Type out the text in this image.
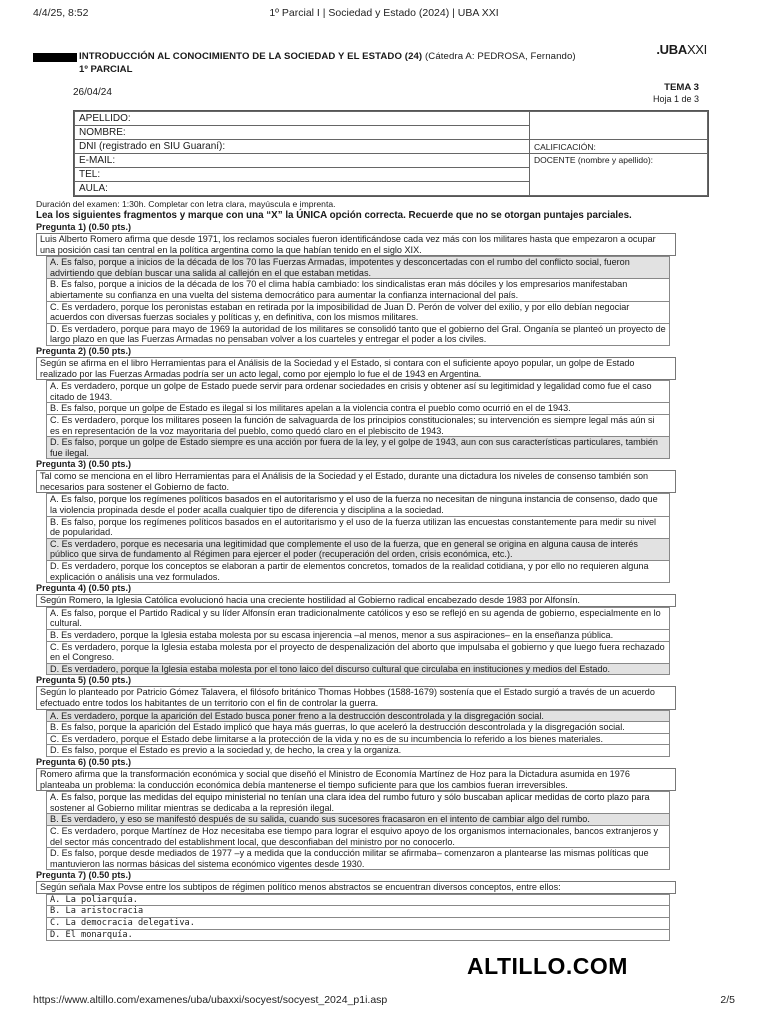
4/4/25, 8:52	1º Parcial I | Sociedad y Estado (2024) | UBA XXI
INTRODUCCIÓN AL CONOCIMIENTO DE LA SOCIEDAD Y EL ESTADO (24) (Cátedra A: PEDROSA, Fernando)
1º PARCIAL
.UBAXXI
26/04/24	TEMA 3
Hoja 1 de 3
APELLIDO:	
NOMBRE:	
DNI (registrado en SIU Guaraní):	CALIFICACIÓN:
E-MAIL:	DOCENTE (nombre y apellido):
TEL:	
AULA:	
Duración del examen: 1:30h. Completar con letra clara, mayúscula e imprenta.
Lea los siguientes fragmentos y marque con una “X” la ÚNICA opción correcta. Recuerde que no se otorgan puntajes parciales.
Pregunta 1) (0.50 pts.)
Luis Alberto Romero afirma que desde 1971, los reclamos sociales fueron identificándose cada vez más con los militares hasta que empezaron a ocupar una posición casi tan central en la política argentina como la que habían tenido en el siglo XIX.
A. Es falso, porque a inicios de la década de los 70 las Fuerzas Armadas, impotentes y desconcertadas con el rumbo del conflicto social, fueron advirtiendo que debían buscar una salida al callejón en el que estaban metidas.
B. Es falso, porque a inicios de la década de los 70 el clima había cambiado: los sindicalistas eran más dóciles y los empresarios manifestaban abiertamente su confianza en una vuelta del sistema democrático para aumentar la confianza internacional del país.
C. Es verdadero, porque los peronistas estaban en retirada por la imposibilidad de Juan D. Perón de volver del exilio, y por ello debían negociar acuerdos con diversas fuerzas sociales y políticas y, en definitiva, con los mismos militares.
D. Es verdadero, porque para mayo de 1969 la autoridad de los militares se consolidó tanto que el gobierno del Gral. Onganía se planteó un proyecto de largo plazo en que las Fuerzas Armadas no pensaban volver a los cuarteles y entregar el poder a los civiles.
Pregunta 2) (0.50 pts.)
Según se afirma en el libro Herramientas para el Análisis de la Sociedad y el Estado, si contara con el suficiente apoyo popular, un golpe de Estado realizado por las Fuerzas Armadas podría ser un acto legal, como por ejemplo lo fue el de 1943 en Argentina.
A. Es verdadero, porque un golpe de Estado puede servir para ordenar sociedades en crisis y obtener así su legitimidad y legalidad como fue el caso citado de 1943.
B. Es falso, porque un golpe de Estado es ilegal si los militares apelan a la violencia contra el pueblo como ocurrió en el de 1943.
C. Es verdadero, porque los militares poseen la función de salvaguarda de los principios constitucionales; su intervención es siempre legal más aún si es en representación de la voz mayoritaria del pueblo, como quedó claro en el plebiscito de 1943.
D. Es falso, porque un golpe de Estado siempre es una acción por fuera de la ley, y el golpe de 1943, aun con sus características particulares, también fue ilegal.
Pregunta 3) (0.50 pts.)
Tal como se menciona en el libro Herramientas para el Análisis de la Sociedad y el Estado, durante una dictadura los niveles de consenso también son necesarios para sostener el Gobierno de facto.
A. Es falso, porque los regímenes políticos basados en el autoritarismo y el uso de la fuerza no necesitan de ninguna instancia de consenso, dado que la violencia propinada desde el poder acalla cualquier tipo de diferencia y disciplina a la sociedad.
B. Es falso, porque los regímenes políticos basados en el autoritarismo y el uso de la fuerza utilizan las encuestas constantemente para medir su nivel de popularidad.
C. Es verdadero, porque es necesaria una legitimidad que complemente el uso de la fuerza, que en general se origina en alguna causa de interés público que sirva de fundamento al Régimen para ejercer el poder (recuperación del orden, crisis económica, etc.).
D. Es verdadero, porque los conceptos se elaboran a partir de elementos concretos, tomados de la realidad cotidiana, y por ello no requieren alguna explicación o análisis una vez formulados.
Pregunta 4) (0.50 pts.)
Según Romero, la Iglesia Católica evolucionó hacia una creciente hostilidad al Gobierno radical encabezado desde 1983 por Alfonsín.
A. Es falso, porque el Partido Radical y su líder Alfonsín eran tradicionalmente católicos y eso se reflejó en su agenda de gobierno, especialmente en lo cultural.
B. Es verdadero, porque la Iglesia estaba molesta por su escasa injerencia –al menos, menor a sus aspiraciones– en la enseñanza pública.
C. Es verdadero, porque la Iglesia estaba molesta por el proyecto de despenalización del aborto que impulsaba el gobierno y que luego fuera rechazado en el Congreso.
D. Es verdadero, porque la Iglesia estaba molesta por el tono laico del discurso cultural que circulaba en instituciones y medios del Estado.
Pregunta 5) (0.50 pts.)
Según lo planteado por Patricio Gómez Talavera, el filósofo británico Thomas Hobbes (1588-1679) sostenía que el Estado surgió a través de un acuerdo efectuado entre todos los habitantes de un territorio con el fin de controlar la guerra.
A. Es verdadero, porque la aparición del Estado busca poner freno a la destrucción descontrolada y la disgregación social.
B. Es falso, porque la aparición del Estado implicó que haya más guerras, lo que aceleró la destrucción descontrolada y la disgregación social.
C. Es verdadero, porque el Estado debe limitarse a la protección de la vida y no es de su incumbencia lo referido a los bienes materiales.
D. Es falso, porque el Estado es previo a la sociedad y, de hecho, la crea y la organiza.
Pregunta 6) (0.50 pts.)
Romero afirma que la transformación económica y social que diseñó el Ministro de Economía Martínez de Hoz para la Dictadura asumida en 1976 planteaba un problema: la conducción económica debía mantenerse el tiempo suficiente para que los cambios fueran irreversibles.
A. Es falso, porque las medidas del equipo ministerial no tenían una clara idea del rumbo futuro y sólo buscaban aplicar medidas de corto plazo para sostener al Gobierno militar mientras se dedicaba a la represión ilegal.
B. Es verdadero, y eso se manifestó después de su salida, cuando sus sucesores fracasaron en el intento de cambiar algo del rumbo.
C. Es verdadero, porque Martínez de Hoz necesitaba ese tiempo para lograr el esquivo apoyo de los organismos internacionales, bancos extranjeros y del sector más concentrado del establishment local, que desconfiaban del ministro por no conocerlo.
D. Es falso, porque desde mediados de 1977 –y a medida que la conducción militar se afirmaba– comenzaron a plantearse las mismas políticas que mantuvieron las normas básicas del sistema económico vigentes desde 1930.
Pregunta 7) (0.50 pts.)
Según señala Max Povse entre los subtipos de régimen político menos abstractos se encuentran diversos conceptos, entre ellos:
A. La poliarquía.
B. La aristocracia
C. La democracia delegativa.
D. El monarquía.
ALTILLO.COM
https://www.altillo.com/examenes/uba/ubaxxi/socyest/socyest_2024_p1i.asp	2/5
